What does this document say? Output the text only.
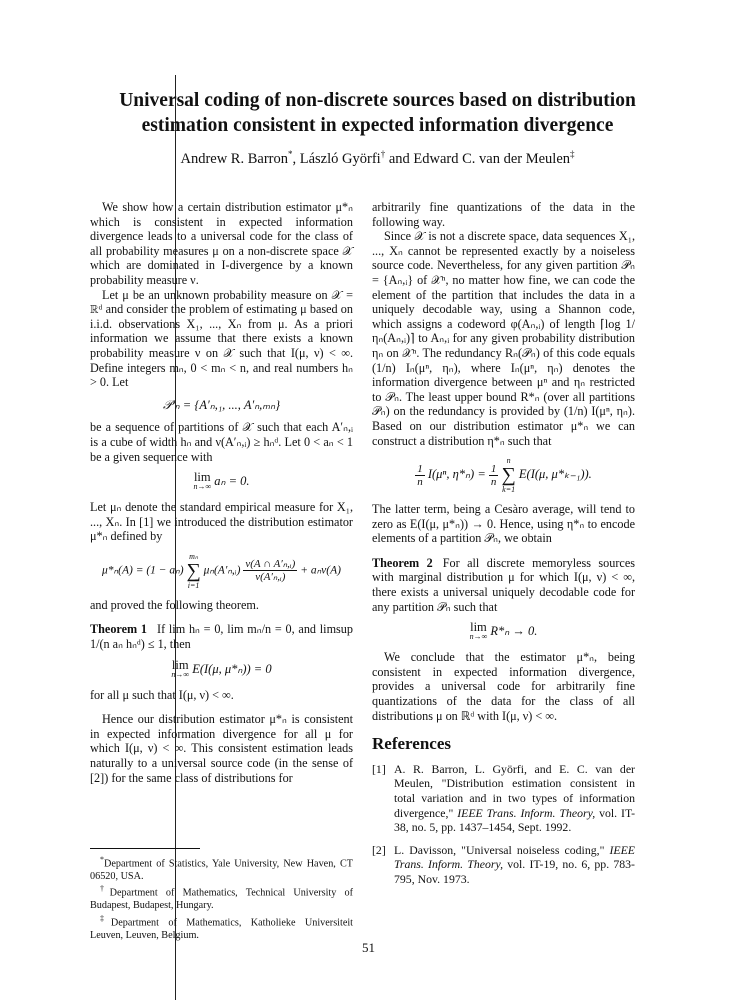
Universal coding of non-discrete sources based on distribution
estimation consistent in expected information divergence
Andrew R. Barron*, László Györfi† and Edward C. van der Meulen‡

We show how a certain distribution estimator μ*ₙ which is consistent in expected information divergence leads to a universal code for the class of all probability measures μ on a non-discrete space 𝒳 which are dominated in I-divergence by a known probability measure ν.

Let μ be an unknown probability measure on 𝒳 = ℝᵈ and consider the problem of estimating μ based on i.i.d. observations X₁, ..., Xₙ from μ. As a priori information we assume that there exists a known probability measure ν on 𝒳 such that I(μ, ν) < ∞. Define integers mₙ, 0 < mₙ < n, and real numbers hₙ > 0. Let

𝒫′ₙ = {A′ₙ,₁, ..., A′ₙ,ₘₙ}

be a sequence of partitions of 𝒳 such that each A′ₙ,ᵢ is a cube of width hₙ and ν(A′ₙ,ᵢ) ≥ hₙᵈ. Let 0 < aₙ < 1 be a given sequence with

lim
n→∞ aₙ = 0.

Let μₙ denote the standard empirical measure for X₁, ..., Xₙ. In [1] we introduced the distribution estimator μ*ₙ defined by

μ*ₙ(A) = (1 − aₙ) mₙ
∑
i=1 μₙ(A′ₙ,ᵢ) $\frac{\text{ν(A ∩ A′ₙ,ᵢ)}}{\text{ν(A′ₙ,ᵢ)}} + a_n\nu(A)$

and proved the following theorem.

Theorem 1 If lim hₙ = 0, lim mₙ/n = 0, and limsup 1/(n aₙ hₙᵈ) ≤ 1, then

lim
n→∞ E(I(μ, μ*ₙ)) = 0

for all μ such that I(μ, ν) < ∞.

Hence our distribution estimator μ*ₙ is consistent in expected information divergence for all μ for which I(μ, ν) < ∞. This consistent estimation leads naturally to a universal source code (in the sense of [2]) for the same class of distributions for

*Department of Statistics, Yale University, New Haven, CT 06520, USA.

†Department of Mathematics, Technical University of Budapest, Budapest, Hungary.

‡Department of Mathematics, Katholieke Universiteit Leuven, Leuven, Belgium.

arbitrarily fine quantizations of the data in the following way.

Since 𝒳 is not a discrete space, data sequences X₁, ..., Xₙ cannot be represented exactly by a noiseless source code. Nevertheless, for any given partition 𝒫ₙ = {Aₙ,ᵢ} of 𝒳ⁿ, no matter how fine, we can code the element of the partition that includes the data in a uniquely decodable way, using a Shannon code, which assigns a codeword φ(Aₙ,ᵢ) of length ⌈log 1/ηₙ(Aₙ,ᵢ)⌉ to Aₙ,ᵢ for any given probability distribution ηₙ on 𝒳ⁿ. The redundancy Rₙ(𝒫ₙ) of this code equals (1/n) Iₙ(μⁿ, ηₙ), where Iₙ(μⁿ, ηₙ) denotes the information divergence between μⁿ and ηₙ restricted to 𝒫ₙ. The least upper bound R*ₙ (over all partitions 𝒫ₙ) on the redundancy is provided by (1/n) I(μⁿ, ηₙ). Based on our distribution estimator μ*ₙ we can construct a distribution η*ₙ such that

$\frac{1}{n} I(\mu^n$, $\eta*_n) = \frac{1}{n}$
n
∑
k=1 E(I(μ, μ*ₖ₋₁)).

The latter term, being a Cesàro average, will tend to zero as E(I(μ, μ*ₙ)) → 0. Hence, using η*ₙ to encode elements of a partition 𝒫ₙ, we obtain

Theorem 2 For all discrete memoryless sources with marginal distribution μ for which I(μ, ν) < ∞, there exists a universal uniquely decodable code for any partition 𝒫ₙ such that

lim
n→∞ R*ₙ → 0.

We conclude that the estimator μ*ₙ, being consistent in expected information divergence, provides a universal code for arbitrarily fine quantizations of the data for the class of all distributions μ on ℝᵈ with I(μ, ν) < ∞.

References
[1] A. R. Barron, L. Györfi, and E. C. van der Meulen, "Distribution estimation consistent in total variation and in two types of information divergence," IEEE Trans. Inform. Theory, vol. IT-38, no. 5, pp. 1437–1454, Sept. 1992.
[2] L. Davisson, "Universal noiseless coding," IEEE Trans. Inform. Theory, vol. IT-19, no. 6, pp. 783-795, Nov. 1973.
51
